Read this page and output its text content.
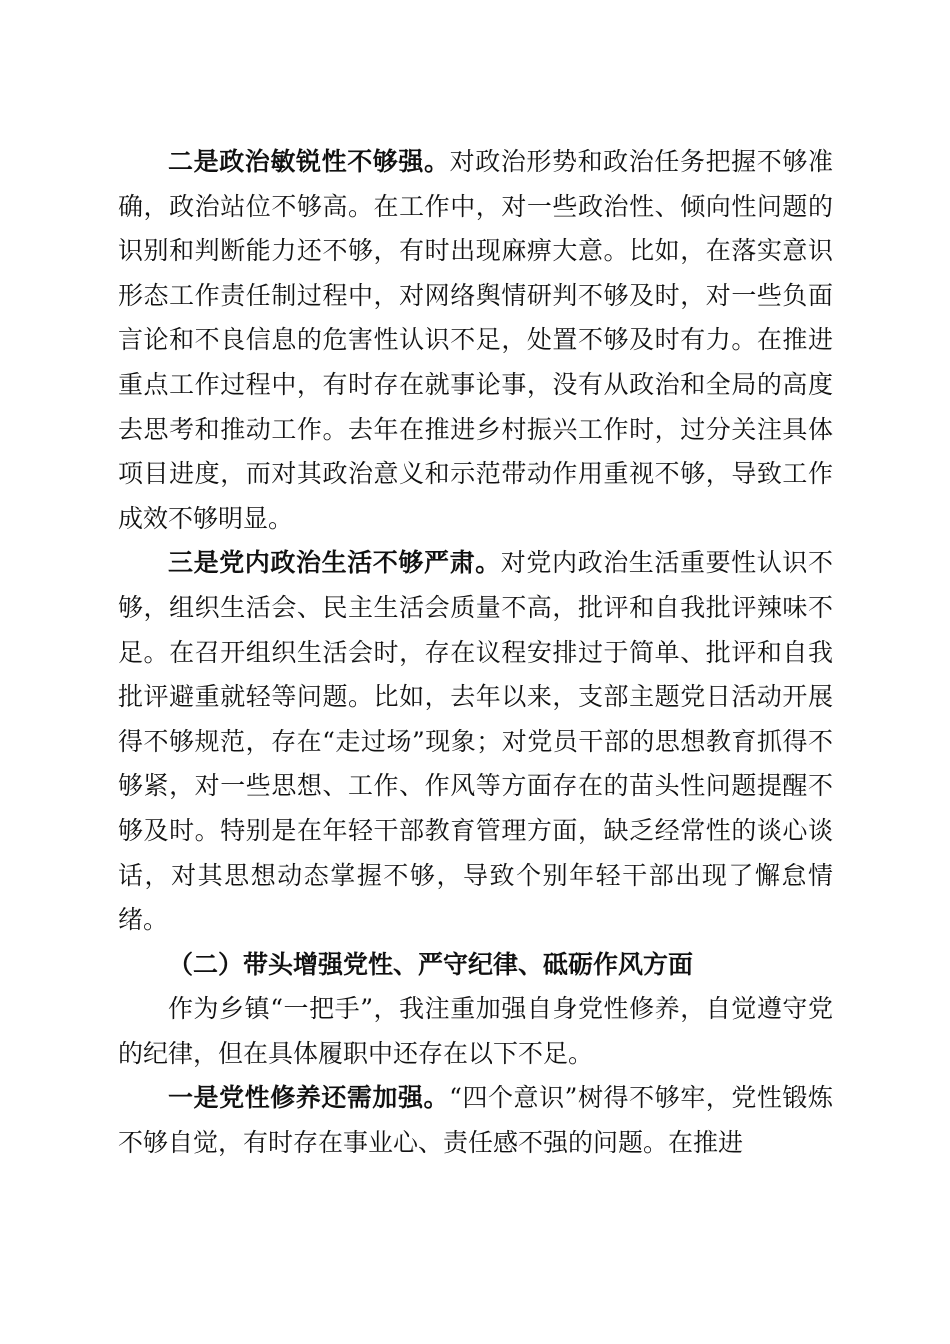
二是政治敏锐性不够强。对政治形势和政治任务把握不够准确，政治站位不够高。在工作中，对一些政治性、倾向性问题的识别和判断能力还不够，有时出现麻痹大意。比如，在落实意识形态工作责任制过程中，对网络舆情研判不够及时，对一些负面言论和不良信息的危害性认识不足，处置不够及时有力。在推进重点工作过程中，有时存在就事论事，没有从政治和全局的高度去思考和推动工作。去年在推进乡村振兴工作时，过分关注具体项目进度，而对其政治意义和示范带动作用重视不够，导致工作成效不够明显。

三是党内政治生活不够严肃。对党内政治生活重要性认识不够，组织生活会、民主生活会质量不高，批评和自我批评辣味不足。在召开组织生活会时，存在议程安排过于简单、批评和自我批评避重就轻等问题。比如，去年以来，支部主题党日活动开展得不够规范，存在“走过场”现象；对党员干部的思想教育抓得不够紧，对一些思想、工作、作风等方面存在的苗头性问题提醒不够及时。特别是在年轻干部教育管理方面，缺乏经常性的谈心谈话，对其思想动态掌握不够，导致个别年轻干部出现了懈怠情绪。

（二）带头增强党性、严守纪律、砥砺作风方面

作为乡镇“一把手”，我注重加强自身党性修养，自觉遵守党的纪律，但在具体履职中还存在以下不足。

一是党性修养还需加强。“四个意识”树得不够牢，党性锻炼不够自觉，有时存在事业心、责任感不强的问题。在推进
